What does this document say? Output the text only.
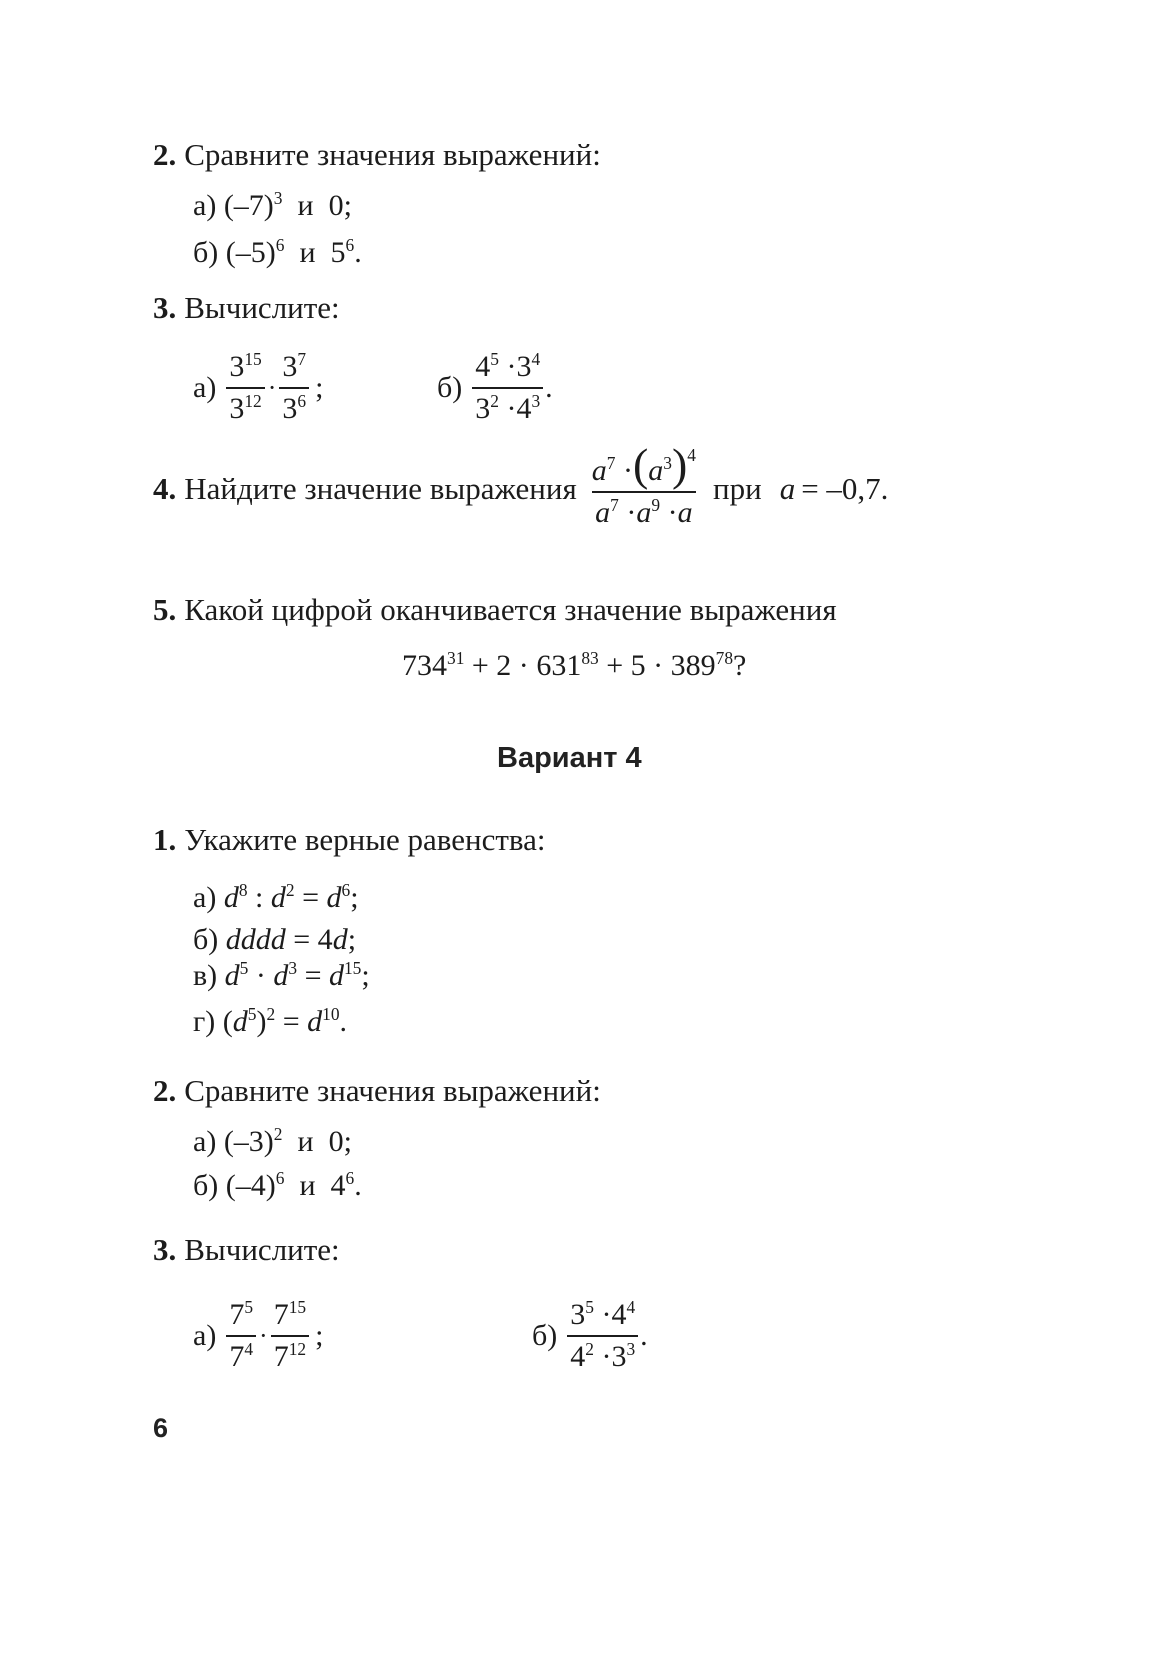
2. Сравните значения выражений:
а) $(-7)^3$ и 0;
б) $(-5)^6$ и $5^6$.
3. Вычислите:
$а) \frac{3^{15}}{3^{12}} \cdot \frac{3^7}{3^6}$ ;	$б) \frac{4^5 \cdot 3^4}{3^2 \cdot 4^3}$ .
4. Найдите значение выражения $\frac{a^7 \cdot(a^3)^4}{a^7 \cdot a^9 \cdot a}$ при a = –0,7.
5. Какой цифрой оканчивается значение выражения
$734^{31} + 2 \cdot 631^{83} + 5 \cdot 389^{78}$?
Вариант 4
1. Укажите верные равенства:
а) $d^8$ : $d^2 = d^6$;
б) dddd = 4d;
в) $d^5 \cdot d^3 = d^{15}$;
г) $(d^5)^2 = d^{10}$.
2. Сравните значения выражений:
а) $(-3)^2$ и 0;
б) $(-4)^6$ и $4^6$.
3. Вычислите:
$а) \frac{7^5}{7^4} \cdot \frac{7^{15}}{7^{12}}$ ;	$б) \frac{3^5 \cdot 4^4}{4^2 \cdot 3^3}$ .
6
